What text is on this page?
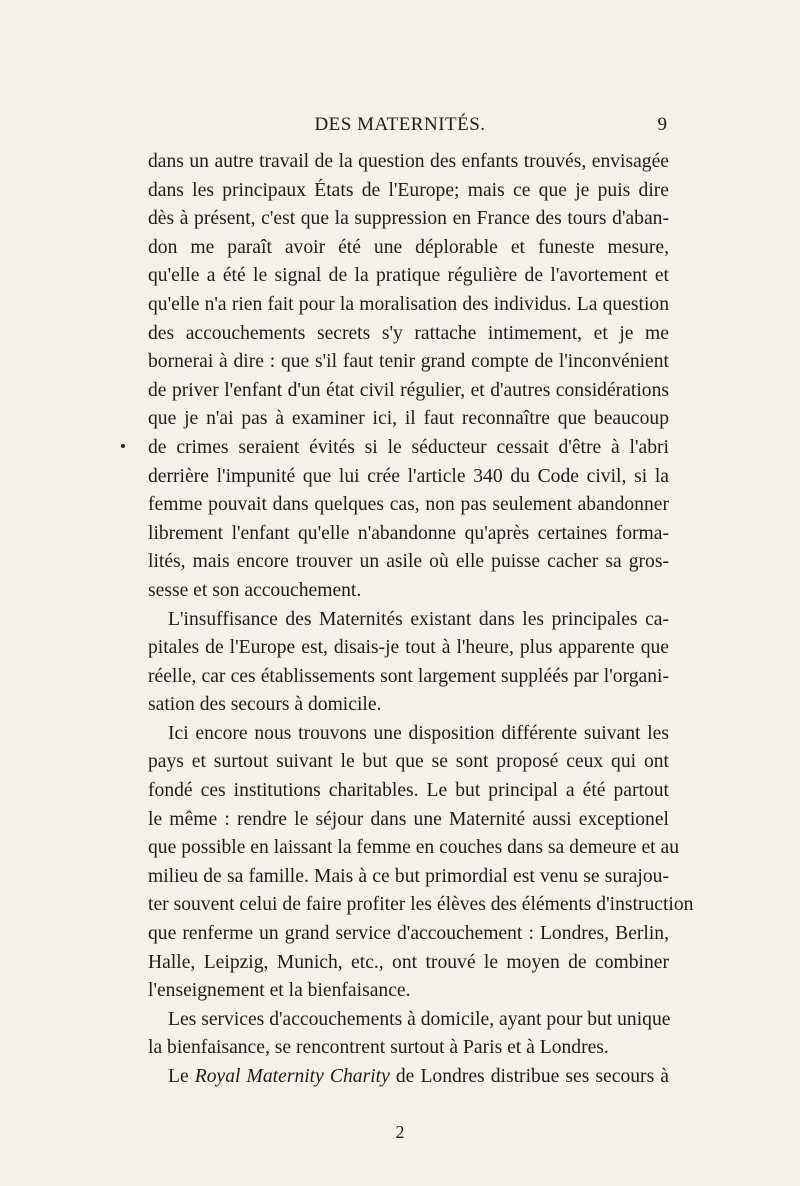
DES MATERNITÉS.	9
dans un autre travail de la question des enfants trouvés, envisagée
dans les principaux États de l'Europe; mais ce que je puis dire
dès à présent, c'est que la suppression en France des tours d'aban-
don me paraît avoir été une déplorable et funeste mesure,
qu'elle a été le signal de la pratique régulière de l'avortement et
qu'elle n'a rien fait pour la moralisation des individus. La question
des accouchements secrets s'y rattache intimement, et je me
bornerai à dire : que s'il faut tenir grand compte de l'inconvénient
de priver l'enfant d'un état civil régulier, et d'autres considérations
que je n'ai pas à examiner ici, il faut reconnaître que beaucoup
de crimes seraient évités si le séducteur cessait d'être à l'abri
derrière l'impunité que lui crée l'article 340 du Code civil, si la
femme pouvait dans quelques cas, non pas seulement abandonner
librement l'enfant qu'elle n'abandonne qu'après certaines forma-
lités, mais encore trouver un asile où elle puisse cacher sa gros-
sesse et son accouchement.
L'insuffisance des Maternités existant dans les principales ca-
pitales de l'Europe est, disais-je tout à l'heure, plus apparente que
réelle, car ces établissements sont largement suppléés par l'organi-
sation des secours à domicile.
Ici encore nous trouvons une disposition différente suivant les
pays et surtout suivant le but que se sont proposé ceux qui ont
fondé ces institutions charitables. Le but principal a été partout
le même : rendre le séjour dans une Maternité aussi exceptionel
que possible en laissant la femme en couches dans sa demeure et au
milieu de sa famille. Mais à ce but primordial est venu se surajou-
ter souvent celui de faire profiter les élèves des éléments d'instruction
que renferme un grand service d'accouchement : Londres, Berlin,
Halle, Leipzig, Munich, etc., ont trouvé le moyen de combiner
l'enseignement et la bienfaisance.
Les services d'accouchements à domicile, ayant pour but unique
la bienfaisance, se rencontrent surtout à Paris et à Londres.
Le Royal Maternity Charity de Londres distribue ses secours à
2
